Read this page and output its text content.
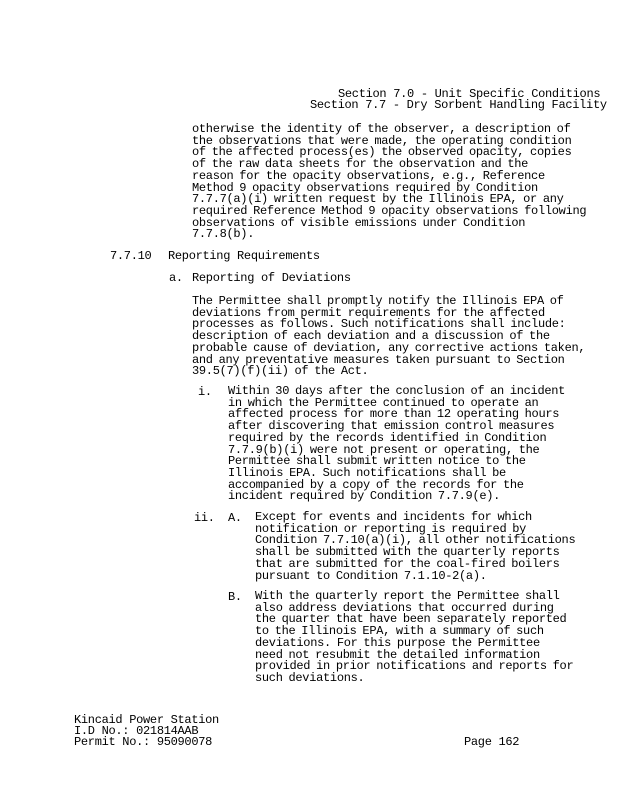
Section 7.0 - Unit Specific Conditions
Section 7.7 - Dry Sorbent Handling Facility
otherwise the identity of the observer, a description of
the observations that were made, the operating condition
of the affected process(es) the observed opacity, copies
of the raw data sheets for the observation and the
reason for the opacity observations, e.g., Reference
Method 9 opacity observations required by Condition
7.7.7(a)(i) written request by the Illinois EPA, or any
required Reference Method 9 opacity observations following
observations of visible emissions under Condition
7.7.8(b).
7.7.10 Reporting Requirements
a. Reporting of Deviations
The Permittee shall promptly notify the Illinois EPA of
deviations from permit requirements for the affected
processes as follows. Such notifications shall include:
description of each deviation and a discussion of the
probable cause of deviation, any corrective actions taken,
and any preventative measures taken pursuant to Section
39.5(7)(f)(ii) of the Act.
i. Within 30 days after the conclusion of an incident
in which the Permittee continued to operate an
affected process for more than 12 operating hours
after discovering that emission control measures
required by the records identified in Condition
7.7.9(b)(i) were not present or operating, the
Permittee shall submit written notice to the
Illinois EPA. Such notifications shall be
accompanied by a copy of the records for the
incident required by Condition 7.7.9(e).
ii. A. Except for events and incidents for which
notification or reporting is required by
Condition 7.7.10(a)(i), all other notifications
shall be submitted with the quarterly reports
that are submitted for the coal-fired boilers
pursuant to Condition 7.1.10-2(a).
B. With the quarterly report the Permittee shall
also address deviations that occurred during
the quarter that have been separately reported
to the Illinois EPA, with a summary of such
deviations. For this purpose the Permittee
need not resubmit the detailed information
provided in prior notifications and reports for
such deviations.
Kincaid Power Station
I.D No.: 021814AAB
Permit No.: 95090078	Page 162
